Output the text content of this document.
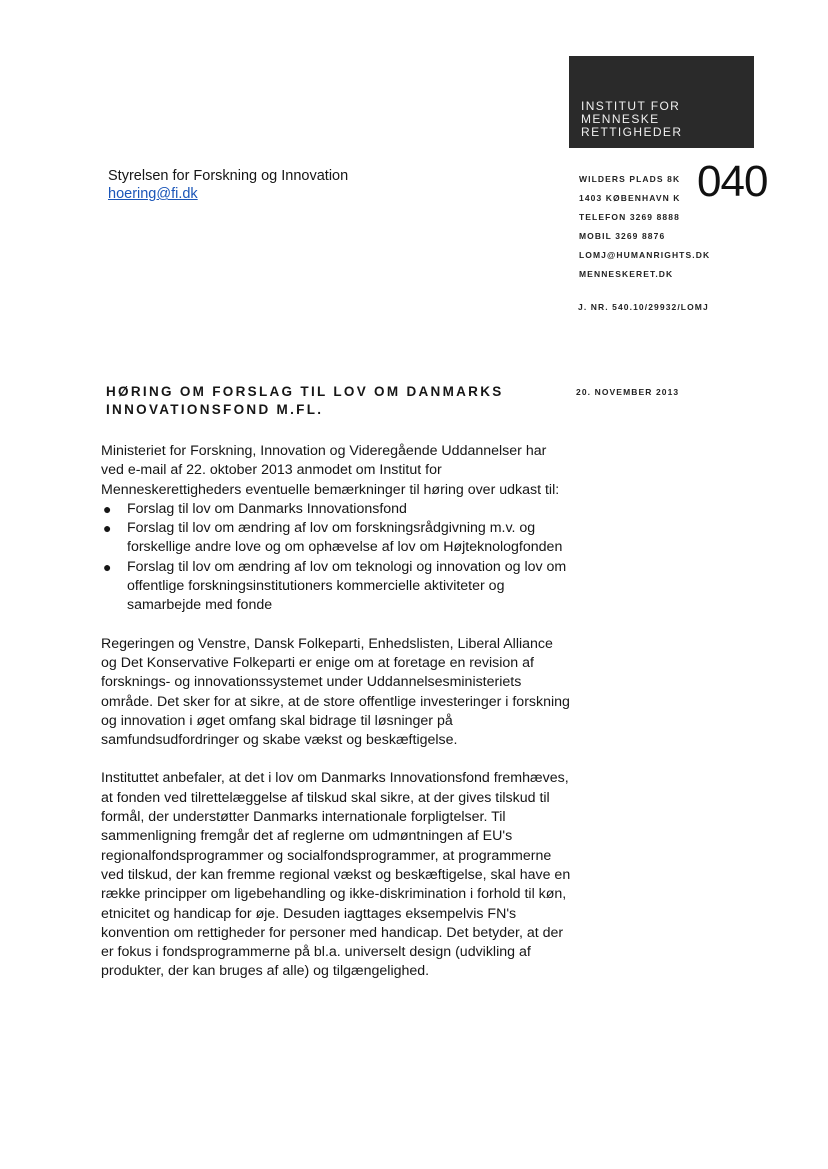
INSTITUT FOR
MENNESKE
RETTIGHEDER
Styrelsen for Forskning og Innovation
hoering@fi.dk	040
WILDERS PLADS 8K
1403 KØBENHAVN K
TELEFON 3269 8888
MOBIL 3269 8876
LOMJ@HUMANRIGHTS.DK
MENNESKERET.DK
J. NR. 540.10/29932/LOMJ
20. NOVEMBER 2013
HØRING OM FORSLAG TIL LOV OM DANMARKS INNOVATIONSFOND M.FL.

Ministeriet for Forskning, Innovation og Videregående Uddannelser har ved e-mail af 22. oktober 2013 anmodet om Institut for Menneskerettigheders eventuelle bemærkninger til høring over udkast til:

● Forslag til lov om Danmarks Innovationsfond
● Forslag til lov om ændring af lov om forskningsrådgivning m.v. og forskellige andre love og om ophævelse af lov om Højteknologfonden
● Forslag til lov om ændring af lov om teknologi og innovation og lov om offentlige forskningsinstitutioners kommercielle aktiviteter og samarbejde med fonde

Regeringen og Venstre, Dansk Folkeparti, Enhedslisten, Liberal Alliance og Det Konservative Folkeparti er enige om at foretage en revision af forsknings- og innovationssystemet under Uddannelsesministeriets område. Det sker for at sikre, at de store offentlige investeringer i forskning og innovation i øget omfang skal bidrage til løsninger på samfundsudfordringer og skabe vækst og beskæftigelse.

Instituttet anbefaler, at det i lov om Danmarks Innovationsfond fremhæves, at fonden ved tilrettelæggelse af tilskud skal sikre, at der gives tilskud til formål, der understøtter Danmarks internationale forpligtelser. Til sammenligning fremgår det af reglerne om udmøntningen af EU's regionalfondsprogrammer og socialfondsprogrammer, at programmerne ved tilskud, der kan fremme regional vækst og beskæftigelse, skal have en række principper om ligebehandling og ikke-diskrimination i forhold til køn, etnicitet og handicap for øje. Desuden iagttages eksempelvis FN's konvention om rettigheder for personer med handicap. Det betyder, at der er fokus i fondsprogrammerne på bl.a. universelt design (udvikling af produkter, der kan bruges af alle) og tilgængelighed.
